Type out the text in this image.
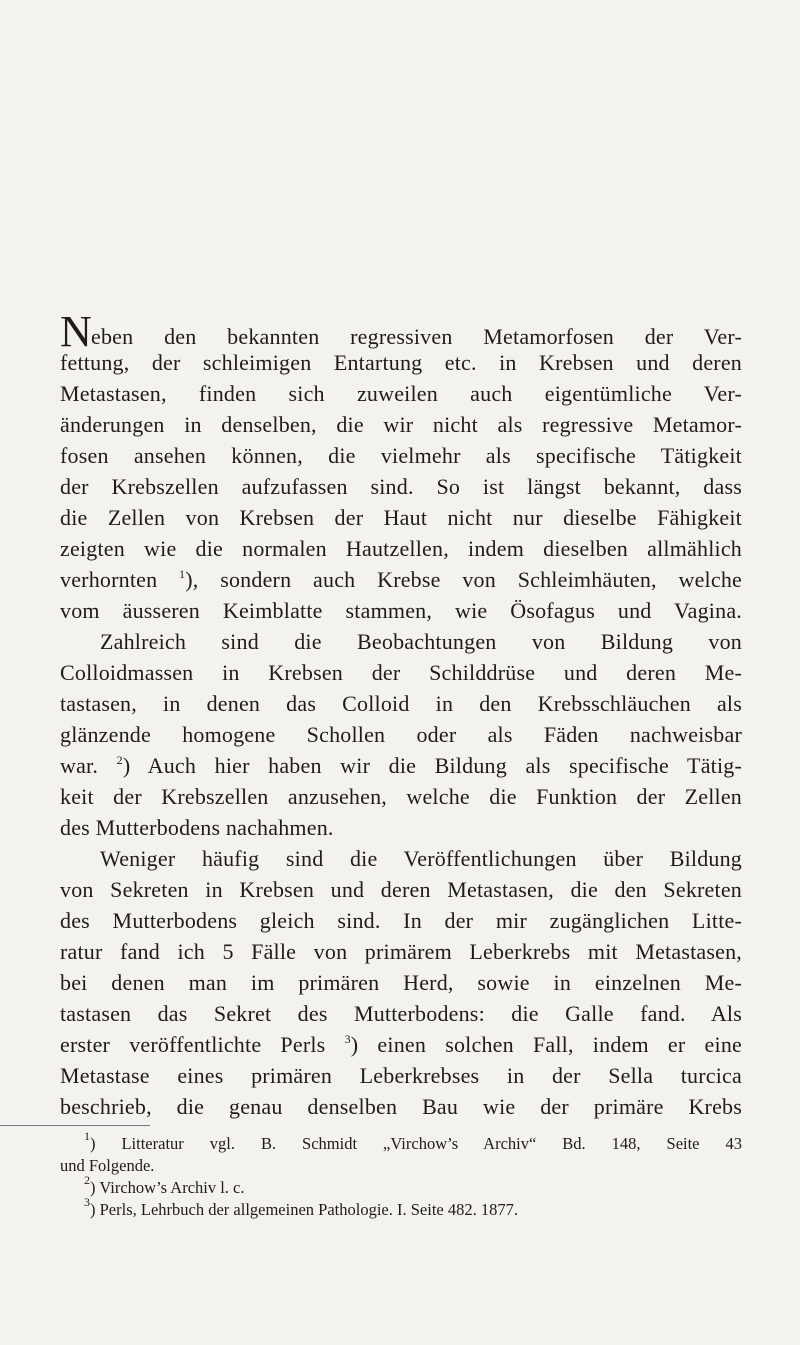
Neben den bekannten regressiven Metamorfosen der Ver-
fettung, der schleimigen Entartung etc. in Krebsen und deren
Metastasen, finden sich zuweilen auch eigentümliche Ver-
änderungen in denselben, die wir nicht als regressive Metamor-
fosen ansehen können, die vielmehr als specifische Tätigkeit
der Krebszellen aufzufassen sind. So ist längst bekannt, dass
die Zellen von Krebsen der Haut nicht nur dieselbe Fähigkeit
zeigten wie die normalen Hautzellen, indem dieselben allmählich
verhornten $^1$), sondern auch Krebse von Schleimhäuten, welche
vom äusseren Keimblatte stammen, wie Ösofagus und Vagina.
Zahlreich sind die Beobachtungen von Bildung von
Colloidmassen in Krebsen der Schilddrüse und deren Me-
tastasen, in denen das Colloid in den Krebsschläuchen als
glänzende homogene Schollen oder als Fäden nachweisbar
war. $^2$) Auch hier haben wir die Bildung als specifische Tätig-
keit der Krebszellen anzusehen, welche die Funktion der Zellen
des Mutterbodens nachahmen.
Weniger häufig sind die Veröffentlichungen über Bildung
von Sekreten in Krebsen und deren Metastasen, die den Sekreten
des Mutterbodens gleich sind. In der mir zugänglichen Litte-
ratur fand ich 5 Fälle von primärem Leberkrebs mit Metastasen,
bei denen man im primären Herd, sowie in einzelnen Me-
tastasen das Sekret des Mutterbodens: die Galle fand. Als
erster veröffentlichte Perls $^3$) einen solchen Fall, indem er eine
Metastase eines primären Leberkrebses in der Sella turcica
beschrieb, die genau denselben Bau wie der primäre Krebs
$^1$) Litteratur vgl. B. Schmidt „Virchow’s Archiv“ Bd. 148, Seite 43
und Folgende.
$^2$) Virchow’s Archiv l. c.
$^3$) Perls, Lehrbuch der allgemeinen Pathologie. I. Seite 482. 1877.
